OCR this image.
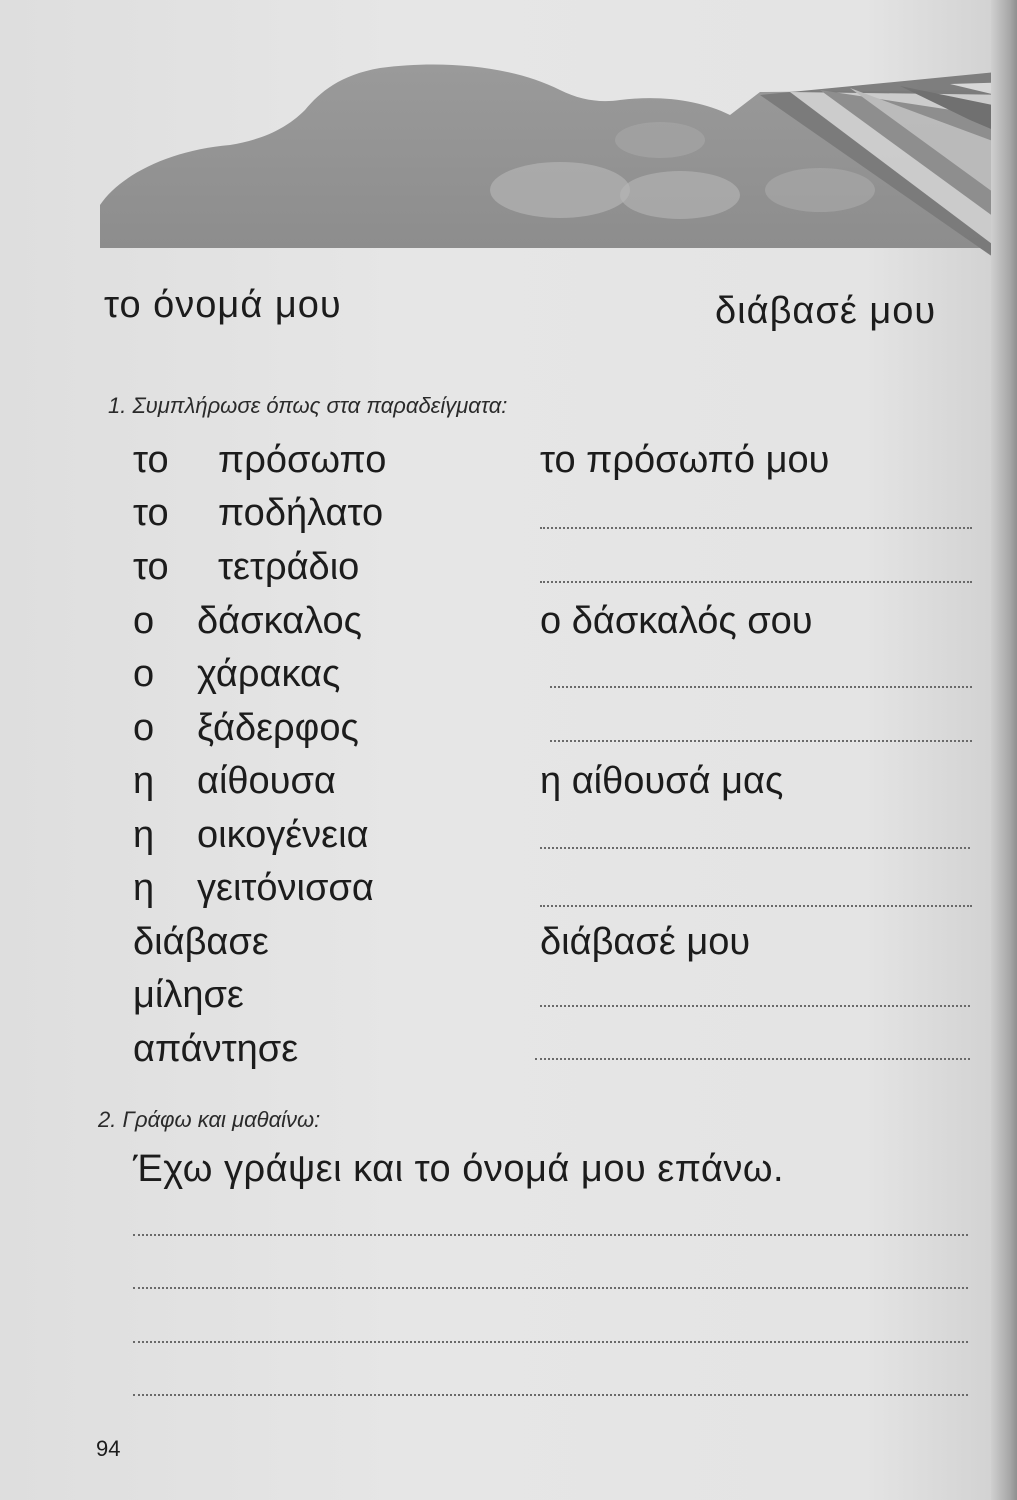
το όνομά μου	διάβασέ μου
1. Συμπλήρωσε όπως στα παραδείγματα:
το πρόσωπο	το πρόσωπό μου
το ποδήλατο
το τετράδιο
ο δάσκαλος	ο δάσκαλός σου
ο χάρακας
ο ξάδερφος
η αίθουσα	η αίθουσά μας
η οικογένεια
η γειτόνισσα
διάβασε	διάβασέ μου
μίλησε
απάντησε
2. Γράφω και μαθαίνω:
Έχω γράψει και το όνομά μου επάνω.
94
